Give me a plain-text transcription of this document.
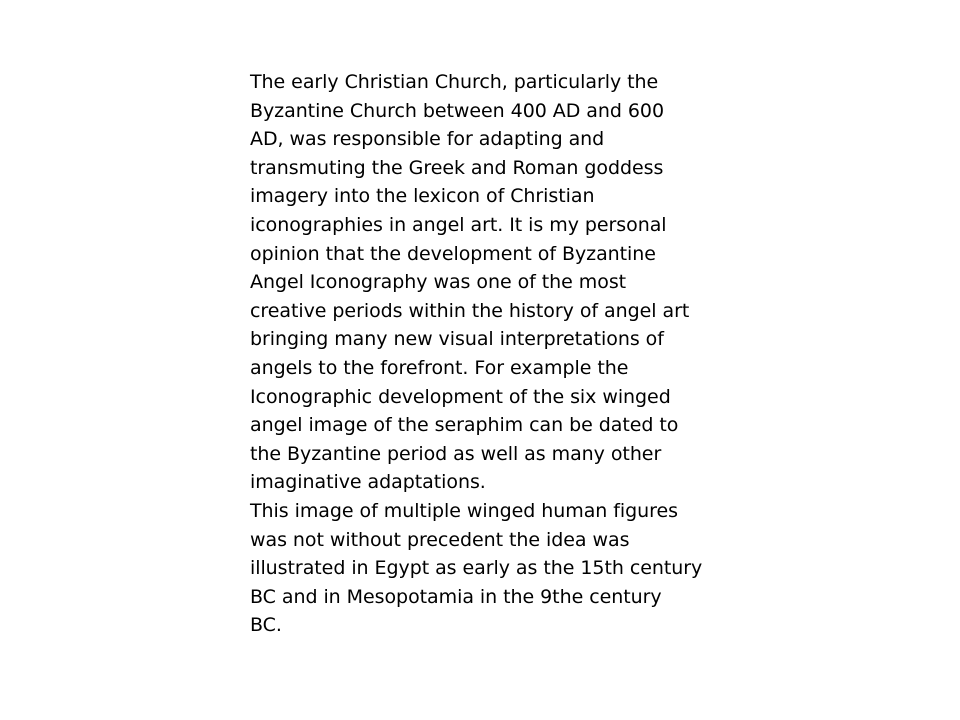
The early Christian Church, particularly the
Byzantine Church between 400 AD and 600
AD, was responsible for adapting and
transmuting the Greek and Roman goddess
imagery into the lexicon of Christian
iconographies in angel art. It is my personal
opinion that the development of Byzantine
Angel Iconography was one of the most
creative periods within the history of angel art
bringing many new visual interpretations of
angels to the forefront. For example the
Iconographic development of the six winged
angel image of the seraphim can be dated to
the Byzantine period as well as many other
imaginative adaptations.
This image of multiple winged human figures
was not without precedent the idea was
illustrated in Egypt as early as the 15th century
BC and in Mesopotamia in the 9the century
BC.
